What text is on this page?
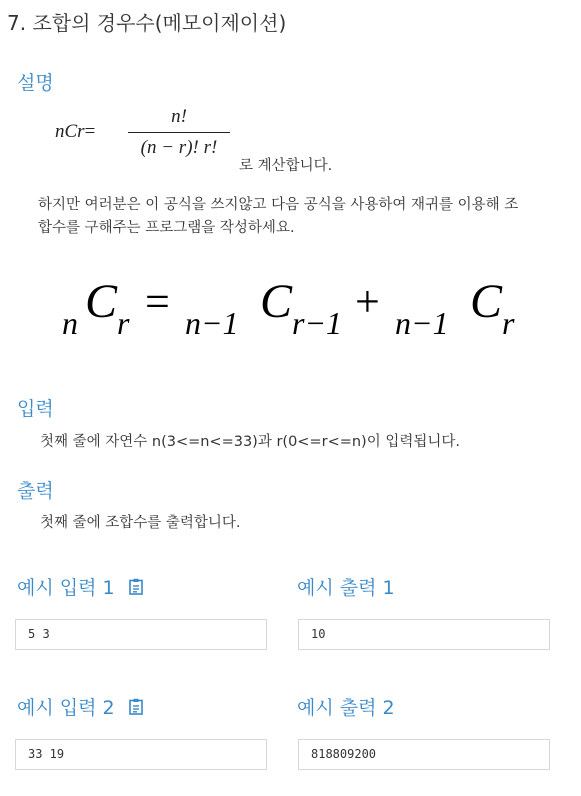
7. 조합의 경우수(메모이제이션)
설명
nCr=
n!
(n − r)! r!
로 계산합니다.
하지만 여러분은 이 공식을 쓰지않고 다음 공식을 사용하여 재귀를 이용해 조
합수를 구해주는 프로그램을 작성하세요.
n C r = n−1 C r−1 + n−1 C r
입력
첫째 줄에 자연수 n(3<=n<=33)과 r(0<=r<=n)이 입력됩니다.
출력
첫째 줄에 조합수를 출력합니다.
예시 입력 1	예시 출력 1
5 3	10
예시 입력 2	예시 출력 2
33 19	818809200
